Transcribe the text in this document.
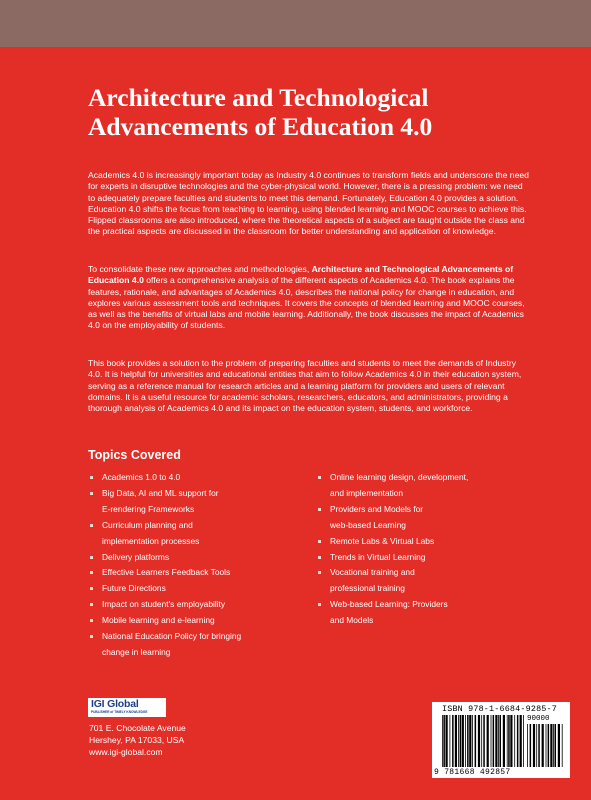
Architecture and Technological
Advancements of Education 4.0

Academics 4.0 is increasingly important today as Industry 4.0 continues to transform fields and underscore the need for experts in disruptive technologies and the cyber-physical world. However, there is a pressing problem: we need to adequately prepare faculties and students to meet this demand. Fortunately, Education 4.0 provides a solution. Education 4.0 shifts the focus from teaching to learning, using blended learning and MOOC courses to achieve this. Flipped classrooms are also introduced, where the theoretical aspects of a subject are taught outside the class and the practical aspects are discussed in the classroom for better understanding and application of knowledge.

To consolidate these new approaches and methodologies, Architecture and Technological Advancements of Education 4.0 offers a comprehensive analysis of the different aspects of Academics 4.0. The book explains the features, rationale, and advantages of Academics 4.0, describes the national policy for change in education, and explores various assessment tools and techniques. It covers the concepts of blended learning and MOOC courses, as well as the benefits of virtual labs and mobile learning. Additionally, the book discusses the impact of Academics 4.0 on the employability of students.

This book provides a solution to the problem of preparing faculties and students to meet the demands of Industry 4.0. It is helpful for universities and educational entities that aim to follow Academics 4.0 in their education system, serving as a reference manual for research articles and a learning platform for providers and users of relevant domains. It is a useful resource for academic scholars, researchers, educators, and administrators, providing a thorough analysis of Academics 4.0 and its impact on the education system, students, and workforce.

Topics Covered
Academics 1.0 to 4.0
Big Data, AI and ML support for
E-rendering Frameworks
Curriculum planning and
implementation processes
Delivery platforms
Effective Learners Feedback Tools
Future Directions
Impact on student's employability
Mobile learning and e-learning
National Education Policy for bringing
change in learning
Online learning design, development,
and implementation
Providers and Models for
web-based Learning
Remote Labs & Virtual Labs
Trends in Virtual Learning
Vocational training and
professional training
Web-based Learning: Providers
and Models
IGI Global
PUBLISHER of TIMELY KNOWLEDGE

701 E. Chocolate Avenue
Hershey, PA 17033, USA
www.igi-global.com

ISBN 978-1-6684-9285-7
90000
9 781668 492857
